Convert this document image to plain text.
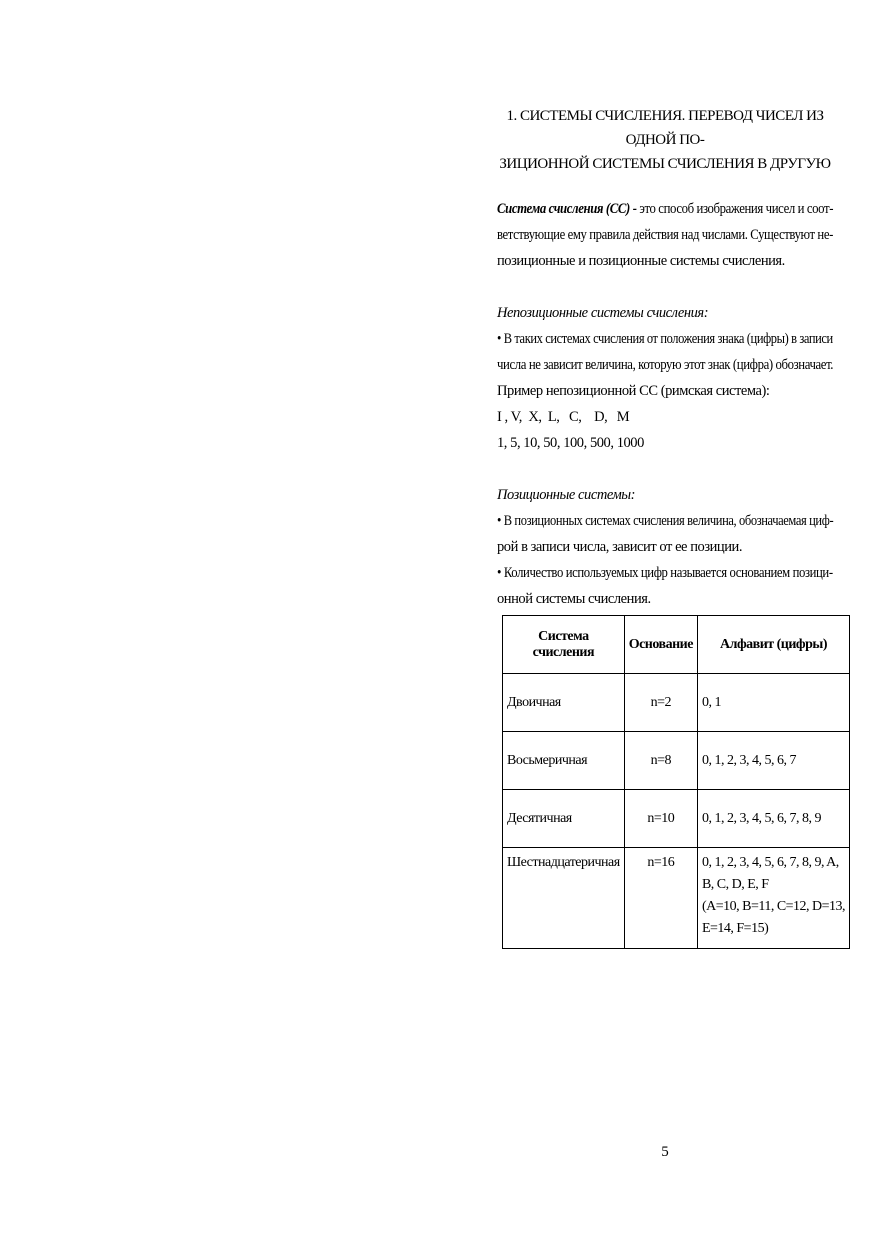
1. СИСТЕМЫ СЧИСЛЕНИЯ. ПЕРЕВОД ЧИСЕЛ ИЗ ОДНОЙ ПО-
ЗИЦИОННОЙ СИСТЕМЫ СЧИСЛЕНИЯ В ДРУГУЮ
Система счисления (СС) - это способ изображения чисел и соот-
ветствующие ему правила действия над числами. Существуют не-
позиционные и позиционные системы счисления.
Непозиционные системы счисления:
• В таких системах счисления от положения знака (цифры) в записи
числа не зависит величина, которую этот знак (цифра) обозначает.
Пример непозиционной СС (римская система):
I , V,  X,  L,   C,    D,   M
1, 5, 10, 50, 100, 500, 1000
Позиционные системы:
• В позиционных системах счисления величина, обозначаемая циф-
рой в записи числа, зависит от ее позиции.
• Количество используемых цифр называется основанием позици-
онной системы счисления.
Система счисления	Основание	Алфавит (цифры)
Двоичная	n=2	0, 1
Восьмеричная	n=8	0, 1, 2, 3, 4, 5, 6, 7
Десятичная	n=10	0, 1, 2, 3, 4, 5, 6, 7, 8, 9
Шестнадцатеричная	n=16	0, 1, 2, 3, 4, 5, 6, 7, 8, 9, A,
B, C, D, E, F
(A=10, B=11, C=12, D=13,
E=14, F=15)
5
